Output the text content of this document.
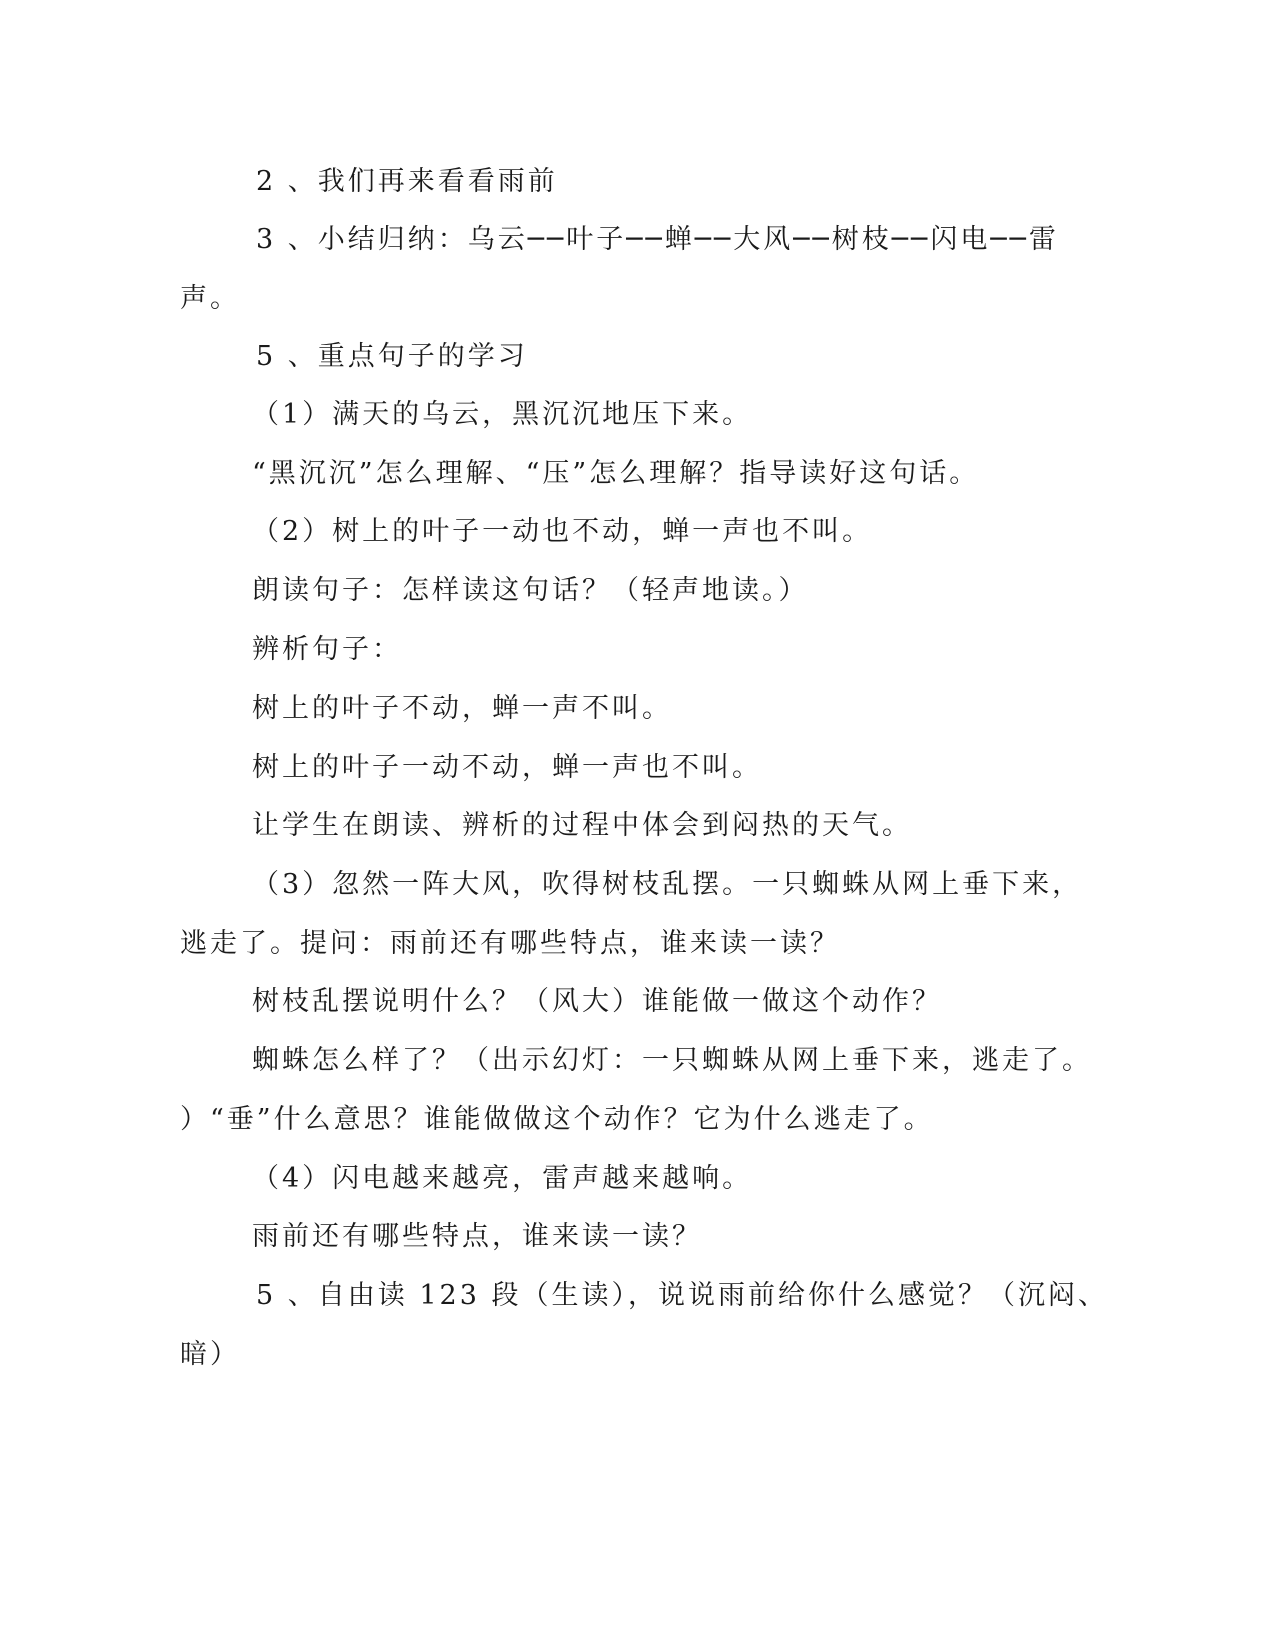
2 、我们再来看看雨前
3 、小结归纳：乌云──叶子──蝉──大风──树枝──闪电──雷
声。
5 、重点句子的学习
（1）满天的乌云，黑沉沉地压下来。
“黑沉沉”怎么理解、“压”怎么理解？指导读好这句话。
（2）树上的叶子一动也不动，蝉一声也不叫。
朗读句子：怎样读这句话？（轻声地读。）
辨析句子：
树上的叶子不动，蝉一声不叫。
树上的叶子一动不动，蝉一声也不叫。
让学生在朗读、辨析的过程中体会到闷热的天气。
（3）忽然一阵大风，吹得树枝乱摆。一只蜘蛛从网上垂下来，
逃走了。提问：雨前还有哪些特点，谁来读一读？
树枝乱摆说明什么？（风大）谁能做一做这个动作？
蜘蛛怎么样了？（出示幻灯：一只蜘蛛从网上垂下来，逃走了。
）“垂”什么意思？谁能做做这个动作？它为什么逃走了。
（4）闪电越来越亮，雷声越来越响。
雨前还有哪些特点，谁来读一读？
5 、自由读 123 段（生读），说说雨前给你什么感觉？（沉闷、
暗）
